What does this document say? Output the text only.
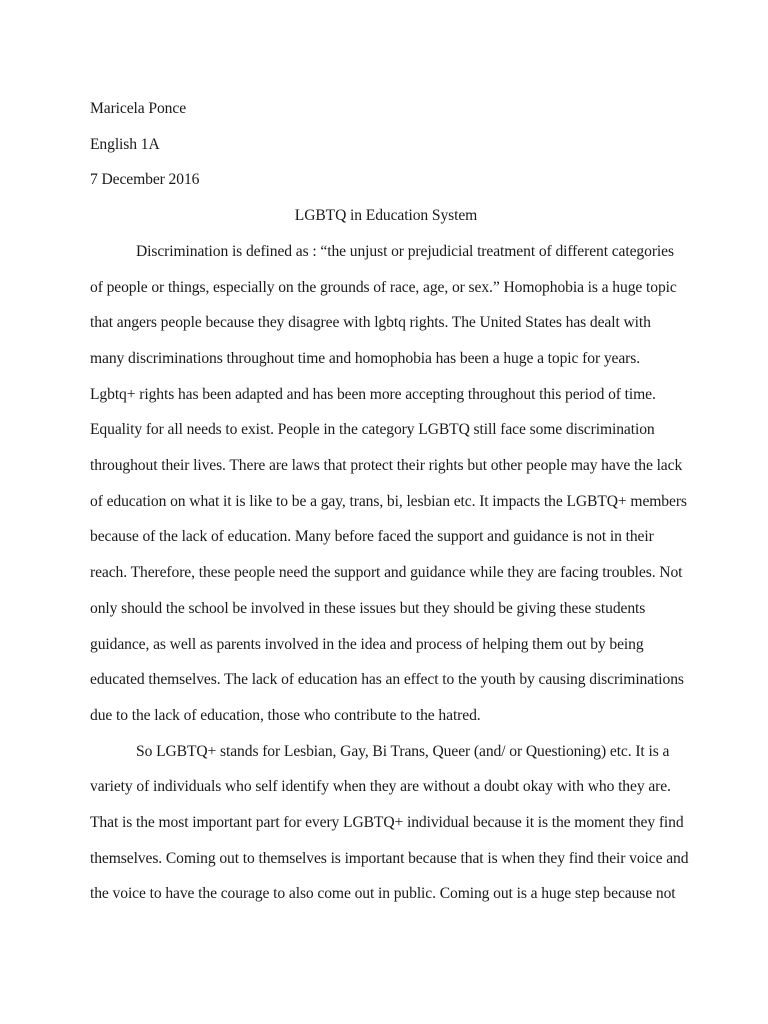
Maricela Ponce

English 1A

7 December 2016

LGBTQ in Education System

Discrimination is defined as : “the unjust or prejudicial treatment of different categories
of people or things, especially on the grounds of race, age, or sex.” Homophobia is a huge topic
that angers people because they disagree with lgbtq rights. The United States has dealt with
many discriminations throughout time and homophobia has been a huge a topic for years.
Lgbtq+ rights has been adapted and has been more accepting throughout this period of time.
Equality for all needs to exist. People in the category LGBTQ still face some discrimination
throughout their lives. There are laws that protect their rights but other people may have the lack
of education on what it is like to be a gay, trans, bi, lesbian etc. It impacts the LGBTQ+ members
because of the lack of education. Many before faced the support and guidance is not in their
reach. Therefore, these people need the support and guidance while they are facing troubles. Not
only should the school be involved in these issues but they should be giving these students
guidance, as well as parents involved in the idea and process of helping them out by being
educated themselves. The lack of education has an effect to the youth by causing discriminations
due to the lack of education, those who contribute to the hatred.
So LGBTQ+ stands for Lesbian, Gay, Bi Trans, Queer (and/ or Questioning) etc. It is a
variety of individuals who self identify when they are without a doubt okay with who they are.
That is the most important part for every LGBTQ+ individual because it is the moment they find
themselves. Coming out to themselves is important because that is when they find their voice and
the voice to have the courage to also come out in public. Coming out is a huge step because not
